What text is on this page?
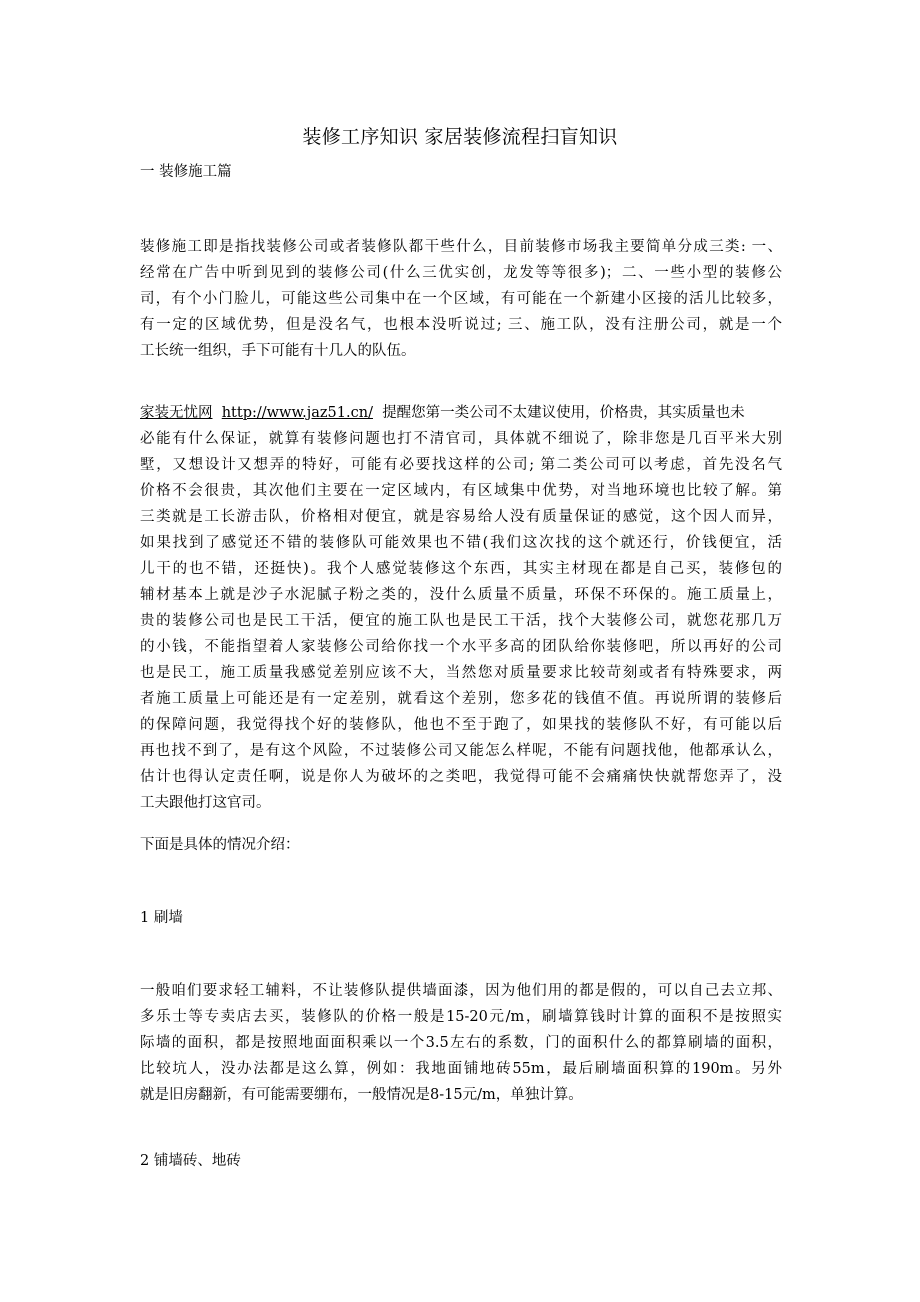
装修工序知识 家居装修流程扫盲知识
一 装修施工篇
装修施工即是指找装修公司或者装修队都干些什么，目前装修市场我主要简单分成三类: 一、
经常在广告中听到见到的装修公司(什么三优实创，龙发等等很多)；二、一些小型的装修公
司，有个小门脸儿，可能这些公司集中在一个区域，有可能在一个新建小区接的活儿比较多，
有一定的区域优势，但是没名气，也根本没听说过; 三、施工队，没有注册公司，就是一个
工长统一组织，手下可能有十几人的队伍。
家装无忧网 http://www.jaz51.cn/ 提醒您第一类公司不太建议使用，价格贵，其实质量也未
必能有什么保证，就算有装修问题也打不清官司，具体就不细说了，除非您是几百平米大别
墅，又想设计又想弄的特好，可能有必要找这样的公司; 第二类公司可以考虑，首先没名气
价格不会很贵，其次他们主要在一定区域内，有区域集中优势，对当地环境也比较了解。第
三类就是工长游击队，价格相对便宜，就是容易给人没有质量保证的感觉，这个因人而异，
如果找到了感觉还不错的装修队可能效果也不错(我们这次找的这个就还行，价钱便宜，活
儿干的也不错，还挺快)。我个人感觉装修这个东西，其实主材现在都是自己买，装修包的
辅材基本上就是沙子水泥腻子粉之类的，没什么质量不质量，环保不环保的。施工质量上，
贵的装修公司也是民工干活，便宜的施工队也是民工干活，找个大装修公司，就您花那几万
的小钱，不能指望着人家装修公司给你找一个水平多高的团队给你装修吧，所以再好的公司
也是民工，施工质量我感觉差别应该不大，当然您对质量要求比较苛刻或者有特殊要求，两
者施工质量上可能还是有一定差别，就看这个差别，您多花的钱值不值。再说所谓的装修后
的保障问题，我觉得找个好的装修队，他也不至于跑了，如果找的装修队不好，有可能以后
再也找不到了，是有这个风险，不过装修公司又能怎么样呢，不能有问题找他，他都承认么，
估计也得认定责任啊，说是你人为破坏的之类吧，我觉得可能不会痛痛快快就帮您弄了，没
工夫跟他打这官司。
下面是具体的情况介绍：
1 刷墙
一般咱们要求轻工辅料，不让装修队提供墙面漆，因为他们用的都是假的，可以自己去立邦、
多乐士等专卖店去买，装修队的价格一般是15-20元/m，刷墙算钱时计算的面积不是按照实
际墙的面积，都是按照地面面积乘以一个3.5左右的系数，门的面积什么的都算刷墙的面积，
比较坑人，没办法都是这么算，例如：我地面铺地砖55m，最后刷墙面积算的190m。另外
就是旧房翻新，有可能需要绷布，一般情况是8-15元/m，单独计算。
2 铺墙砖、地砖
